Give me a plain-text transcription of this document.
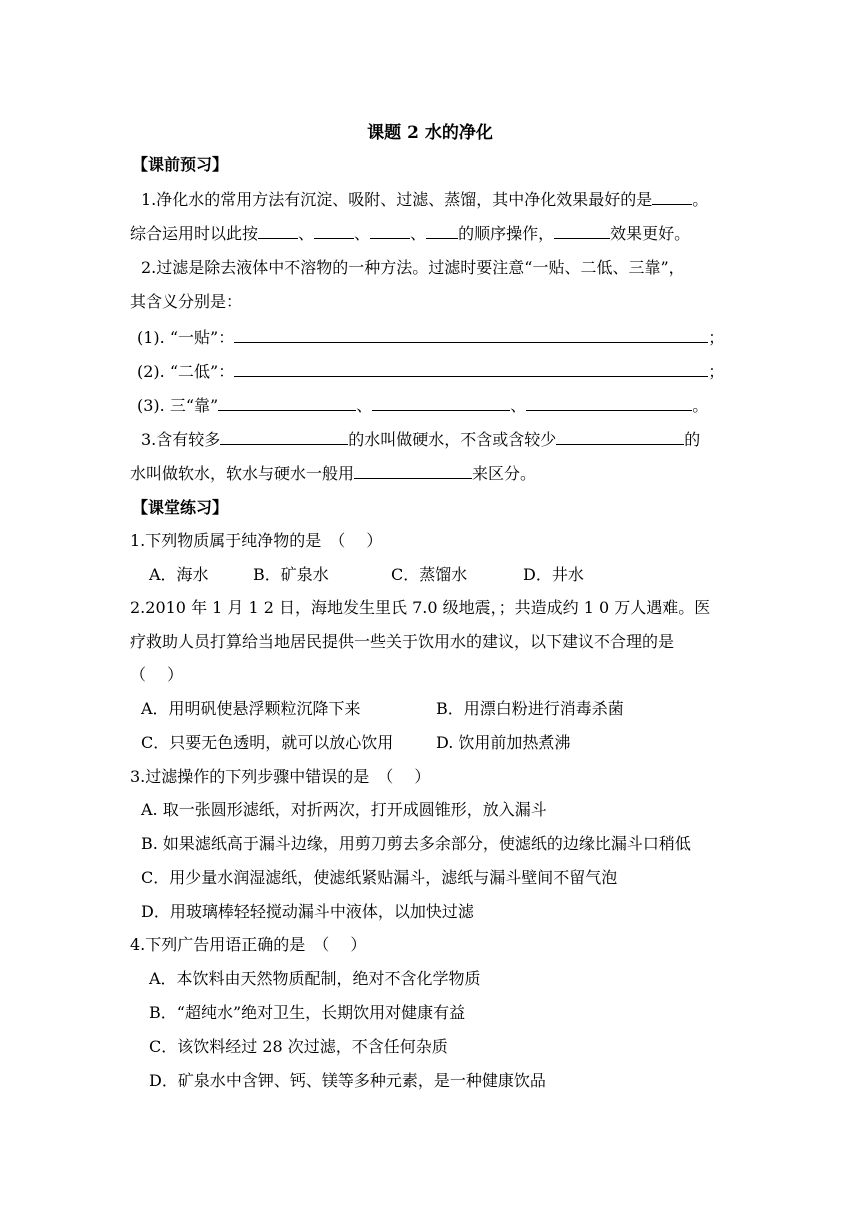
课题 2 水的净化
【课前预习】
1.净化水的常用方法有沉淀、吸附、过滤、蒸馏，其中净化效果最好的是	。
综合运用时以此按	、	、	、 的顺序操作，	效果更好。
2.过滤是除去液体中不溶物的一种方法。过滤时要注意“一贴、二低、三靠”，
其含义分别是：
(1). “一贴”：	；
(2). “二低”：	；
(3). 三“靠”	、	、	。
3.含有较多	的水叫做硬水，不含或含较少	的
水叫做软水，软水与硬水一般用	来区分。
【课堂练习】
1.下列物质属于纯净物的是　（　 ）
A．海水	B．矿泉水	C．蒸馏水	D．井水
2.2010 年 1 月 1 2 日，海地发生里氏 7.0 级地震，；共造成约 1 0 万人遇难。医
疗救助人员打算给当地居民提供一些关于饮用水的建议，以下建议不合理的是
（　 ）
A．用明矾使悬浮颗粒沉降下来	B．用漂白粉进行消毒杀菌
C．只要无色透明，就可以放心饮用	D. 饮用前加热煮沸
3.过滤操作的下列步骤中错误的是　（　 ）
A. 取一张圆形滤纸，对折两次，打开成圆锥形，放入漏斗
B. 如果滤纸高于漏斗边缘，用剪刀剪去多余部分，使滤纸的边缘比漏斗口稍低
C．用少量水润湿滤纸，使滤纸紧贴漏斗，滤纸与漏斗壁间不留气泡
D．用玻璃棒轻轻搅动漏斗中液体，以加快过滤
4.下列广告用语正确的是　（　 ）
A．本饮料由天然物质配制，绝对不含化学物质
B．“超纯水”绝对卫生，长期饮用对健康有益
C．该饮料经过 28 次过滤，不含任何杂质
D．矿泉水中含钾、钙、镁等多种元素，是一种健康饮品
